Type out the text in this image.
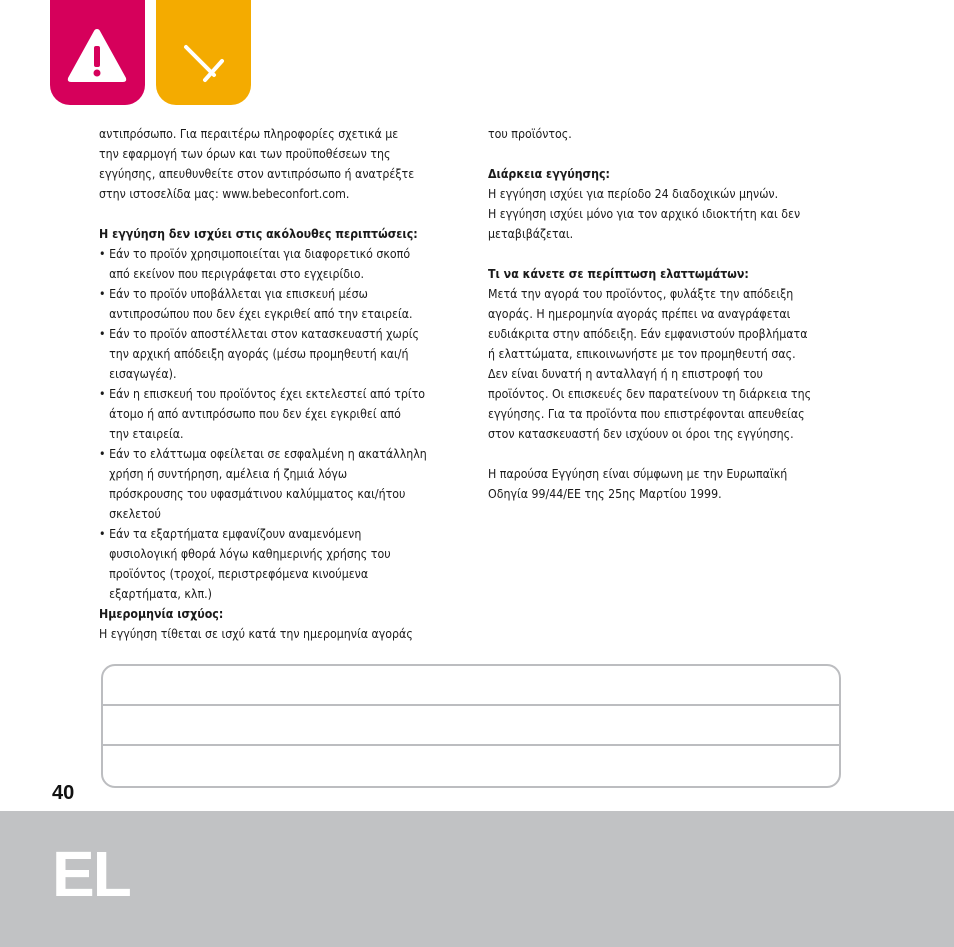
αντιπρόσωπο. Για περαιτέρω πληροφορίες σχετικά με

την εφαρμογή των όρων και των προϋποθέσεων της

εγγύησης, απευθυνθείτε στον αντιπρόσωπο ή ανατρέξτε

στην ιστοσελίδα μας: www.bebeconfort.com.

Η εγγύηση δεν ισχύει στις ακόλουθες περιπτώσεις:

• Εάν το προϊόν χρησιμοποιείται για διαφορετικό σκοπό

από εκείνον που περιγράφεται στο εγχειρίδιο.

• Εάν το προϊόν υποβάλλεται για επισκευή μέσω

αντιπροσώπου που δεν έχει εγκριθεί από την εταιρεία.

• Εάν το προϊόν αποστέλλεται στον κατασκευαστή χωρίς

την αρχική απόδειξη αγοράς (μέσω προμηθευτή και/ή

εισαγωγέα).

• Εάν η επισκευή του προϊόντος έχει εκτελεστεί από τρίτο

άτομο ή από αντιπρόσωπο που δεν έχει εγκριθεί από

την εταιρεία.

• Εάν το ελάττωμα οφείλεται σε εσφαλμένη η ακατάλληλη

χρήση ή συντήρηση, αμέλεια ή ζημιά λόγω

πρόσκρουσης του υφασμάτινου καλύμματος και/ήτου

σκελετού

• Εάν τα εξαρτήματα εμφανίζουν αναμενόμενη

φυσιολογική φθορά λόγω καθημερινής χρήσης του

προϊόντος (τροχοί, περιστρεφόμενα κινούμενα

εξαρτήματα, κλπ.)

Ημερομηνία ισχύος:

Η εγγύηση τίθεται σε ισχύ κατά την ημερομηνία αγοράς

του προϊόντος.

Διάρκεια εγγύησης:

Η εγγύηση ισχύει για περίοδο 24 διαδοχικών μηνών.

Η εγγύηση ισχύει μόνο για τον αρχικό ιδιοκτήτη και δεν

μεταβιβάζεται.

Τι να κάνετε σε περίπτωση ελαττωμάτων:

Μετά την αγορά του προϊόντος, φυλάξτε την απόδειξη

αγοράς. Η ημερομηνία αγοράς πρέπει να αναγράφεται

ευδιάκριτα στην απόδειξη. Εάν εμφανιστούν προβλήματα

ή ελαττώματα, επικοινωνήστε με τον προμηθευτή σας.

Δεν είναι δυνατή η ανταλλαγή ή η επιστροφή του

προϊόντος. Οι επισκευές δεν παρατείνουν τη διάρκεια της

εγγύησης. Για τα προϊόντα που επιστρέφονται απευθείας

στον κατασκευαστή δεν ισχύουν οι όροι της εγγύησης.

Η παρούσα Εγγύηση είναι σύμφωνη με την Ευρωπαϊκή

Οδηγία 99/44/ΕΕ της 25ης Μαρτίου 1999.

40
EL
